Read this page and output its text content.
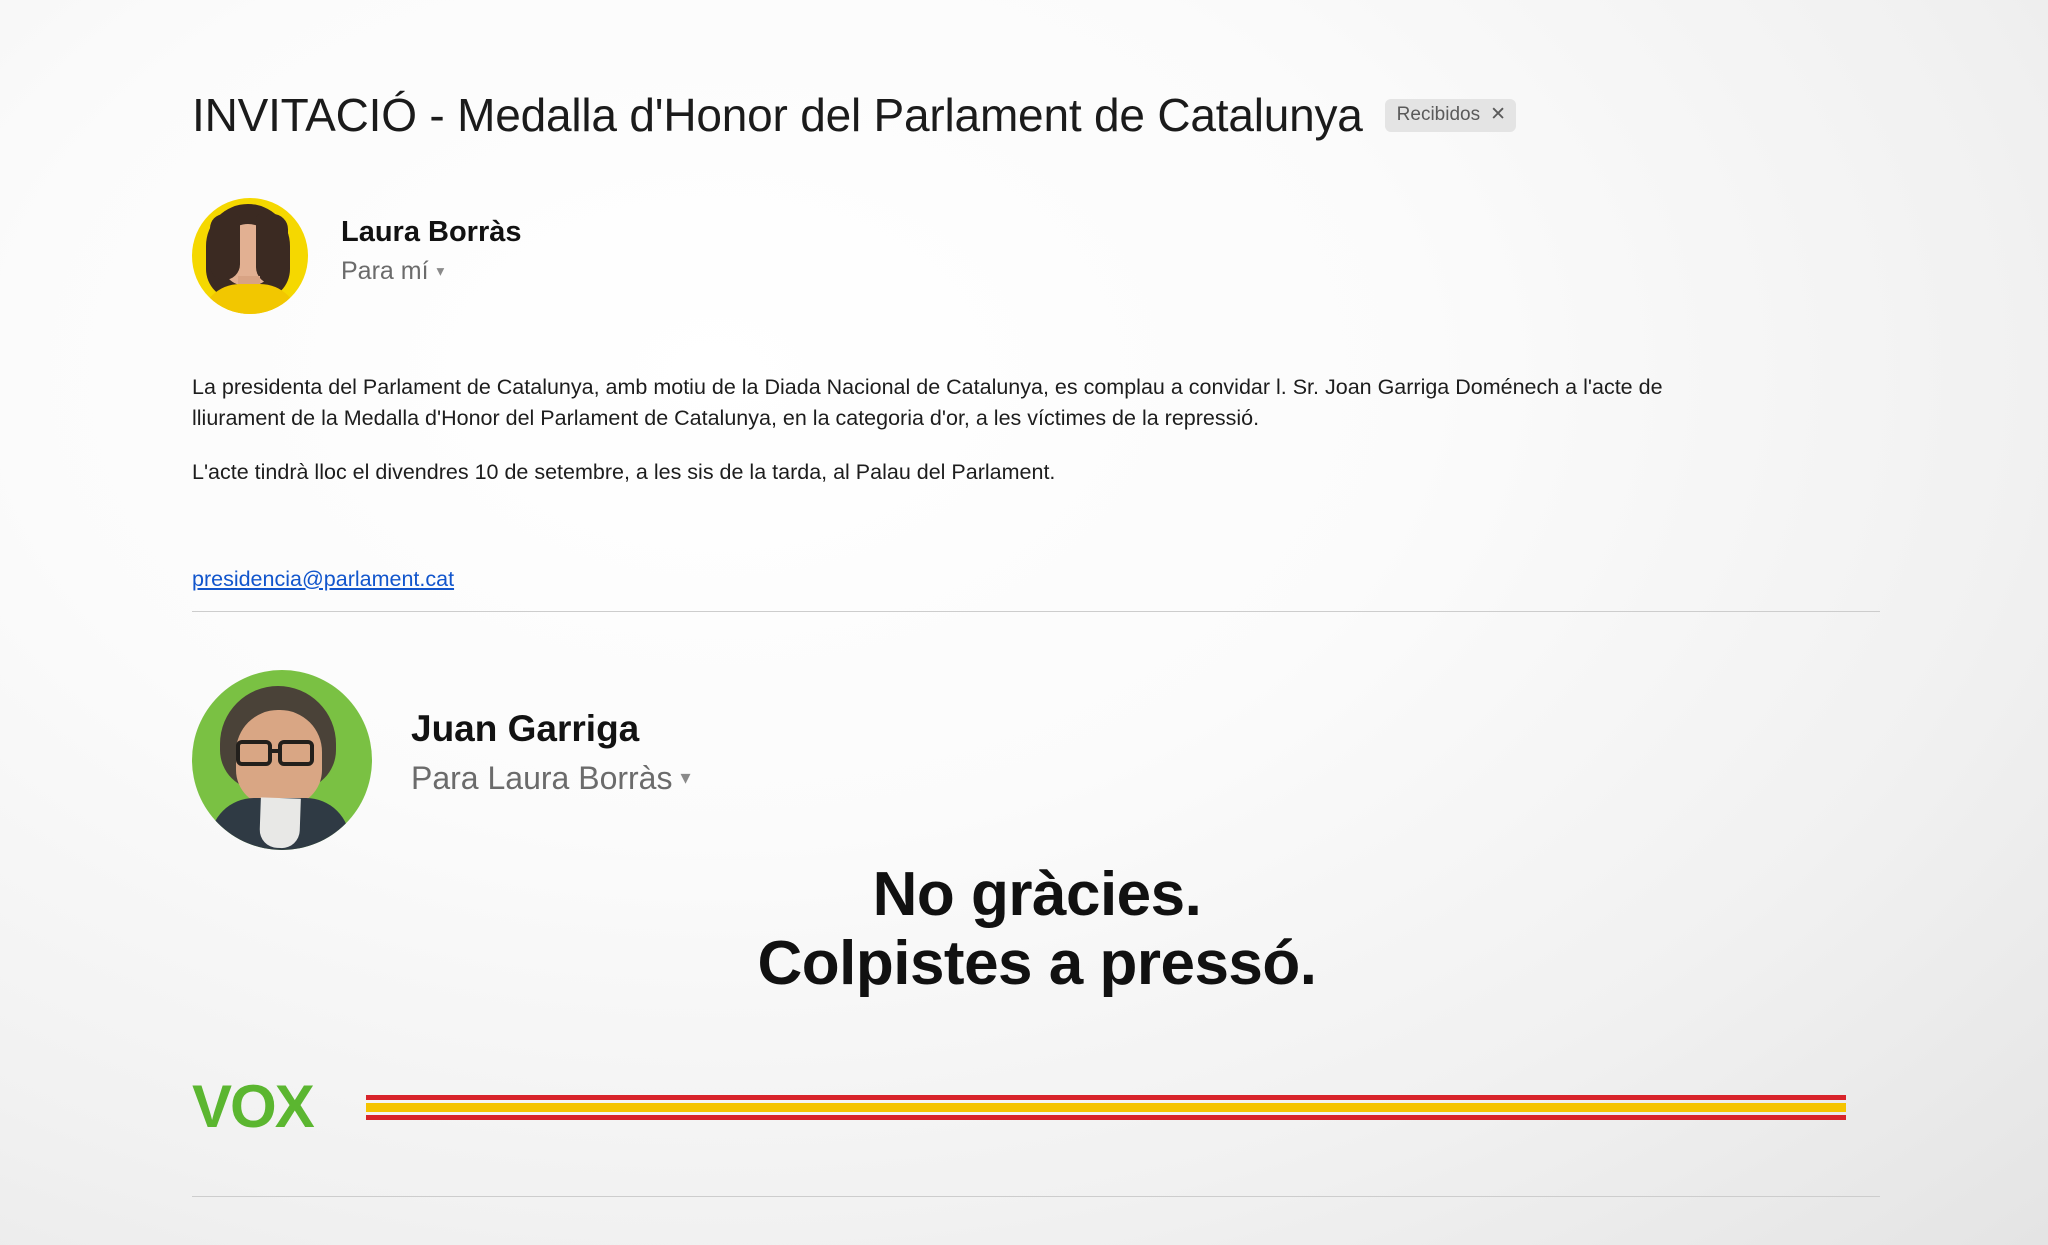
INVITACIÓ - Medalla d'Honor del Parlament de Catalunya Recibidos ✕
Laura Borràs
Para mí ▾

La presidenta del Parlament de Catalunya, amb motiu de la Diada Nacional de Catalunya, es complau a convidar l. Sr. Joan Garriga Doménech a l'acte de lliurament de la Medalla d'Honor del Parlament de Catalunya, en la categoria d'or, a les víctimes de la repressió.

L'acte tindrà lloc el divendres 10 de setembre, a les sis de la tarda, al Palau del Parlament.

presidencia@parlament.cat
Juan Garriga
Para Laura Borràs ▾
No gràcies.
Colpistes a pressó.
VOX
